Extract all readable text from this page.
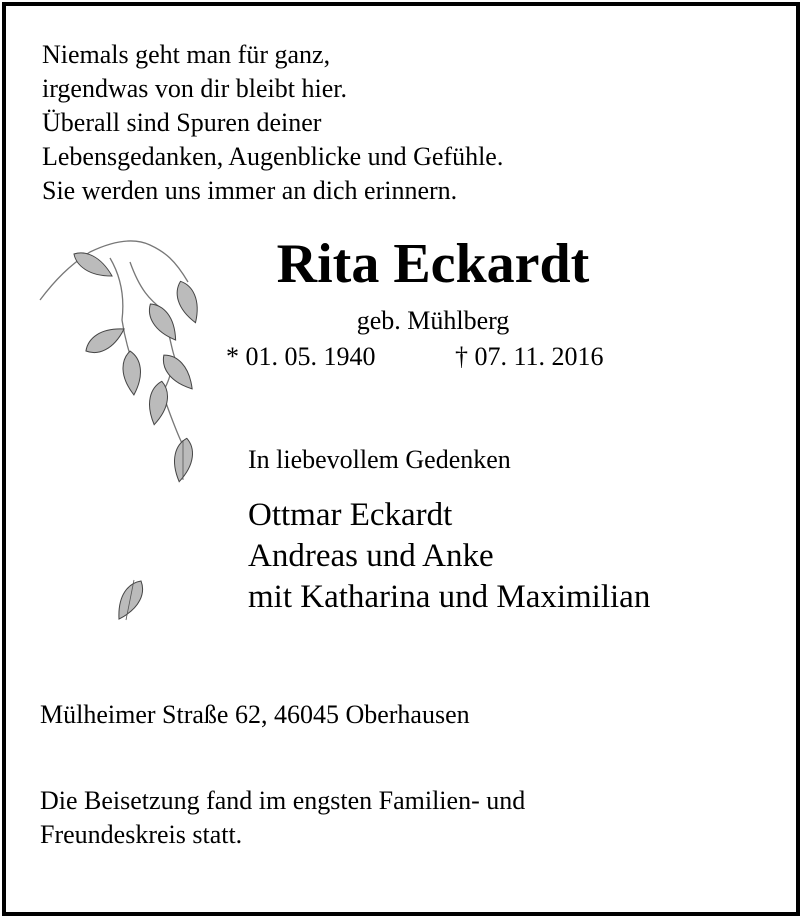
Niemals geht man für ganz,
irgendwas von dir bleibt hier.
Überall sind Spuren deiner
Lebensgedanken, Augenblicke und Gefühle.
Sie werden uns immer an dich erinnern.
Rita Eckardt
geb. Mühlberg
* 01. 05. 1940	† 07. 11. 2016
In liebevollem Gedenken
Ottmar Eckardt
Andreas und Anke
mit Katharina und Maximilian
Mülheimer Straße 62, 46045 Oberhausen
Die Beisetzung fand im engsten Familien- und
Freundeskreis statt.
